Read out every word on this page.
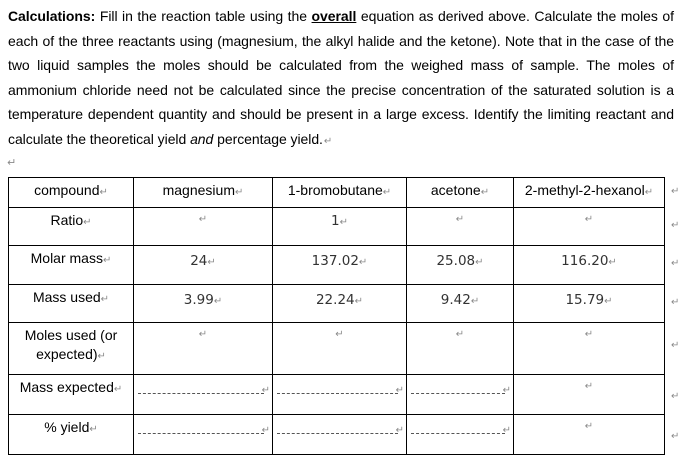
Calculations: Fill in the reaction table using the overall equation as derived above. Calculate the moles of each of the three reactants using (magnesium, the alkyl halide and the ketone). Note that in the case of the two liquid samples the moles should be calculated from the weighed mass of sample. The moles of ammonium chloride need not be calculated since the precise concentration of the saturated solution is a temperature dependent quantity and should be present in a large excess. Identify the limiting reactant and calculate the theoretical yield and percentage yield.↵
↵
compound↵	magnesium↵	1-bromobutane↵	acetone↵	2-methyl-2-hexanol↵

Ratio↵	↵	1↵	↵	↵

Molar mass↵	24↵	137.02↵	25.08↵	116.20↵

Mass used↵	3.99↵	22.24↵	9.42↵	15.79↵

Moles used (or expected)↵	↵	↵	↵	↵

Mass expected↵	↵	↵	↵	↵

% yield↵	↵	↵	↵	↵
↵
↵
↵
↵
↵
↵
↵
